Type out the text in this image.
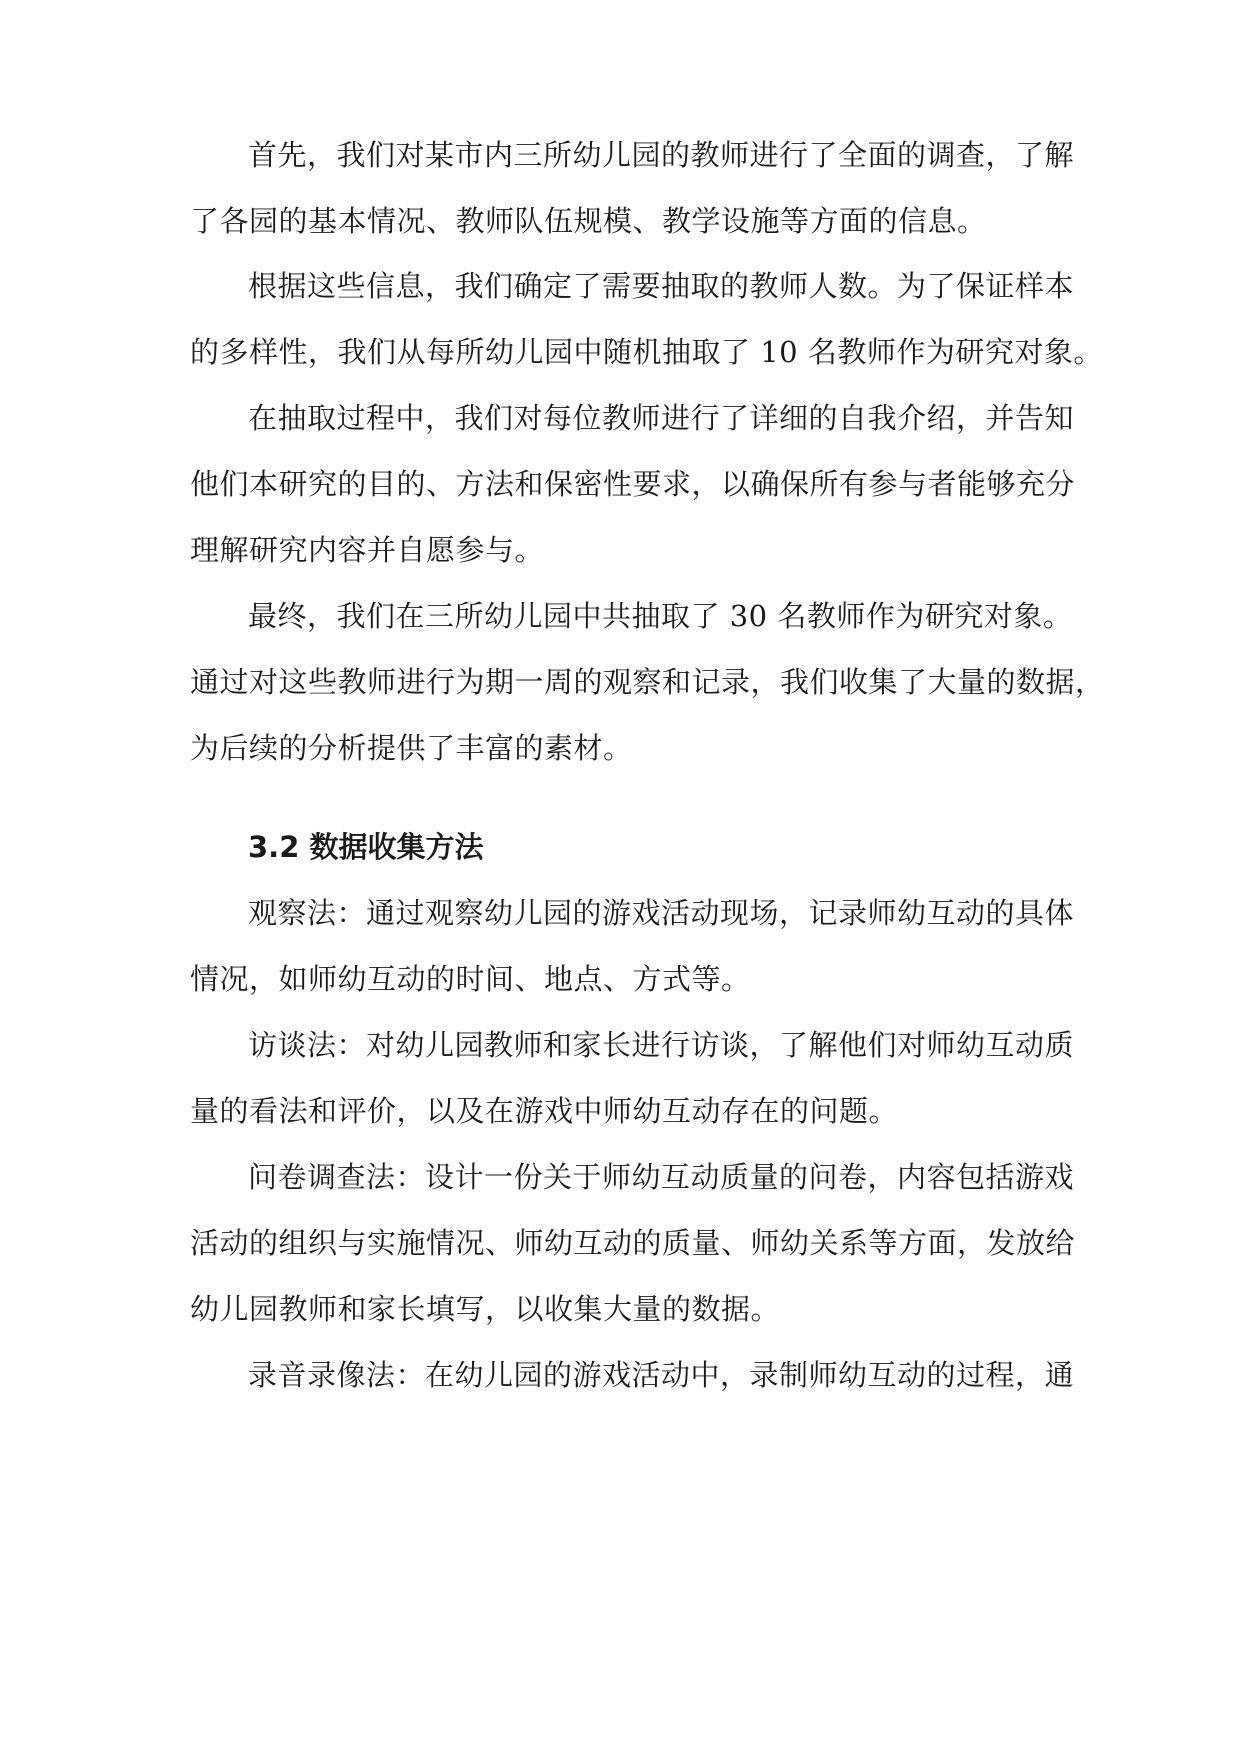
首先，我们对某市内三所幼儿园的教师进行了全面的调查，了解
了各园的基本情况、教师队伍规模、教学设施等方面的信息。
根据这些信息，我们确定了需要抽取的教师人数。为了保证样本
的多样性，我们从每所幼儿园中随机抽取了 10 名教师作为研究对象。
在抽取过程中，我们对每位教师进行了详细的自我介绍，并告知
他们本研究的目的、方法和保密性要求，以确保所有参与者能够充分
理解研究内容并自愿参与。
最终，我们在三所幼儿园中共抽取了 30 名教师作为研究对象。
通过对这些教师进行为期一周的观察和记录，我们收集了大量的数据，
为后续的分析提供了丰富的素材。
3.2 数据收集方法
观察法：通过观察幼儿园的游戏活动现场，记录师幼互动的具体
情况，如师幼互动的时间、地点、方式等。
访谈法：对幼儿园教师和家长进行访谈，了解他们对师幼互动质
量的看法和评价，以及在游戏中师幼互动存在的问题。
问卷调查法：设计一份关于师幼互动质量的问卷，内容包括游戏
活动的组织与实施情况、师幼互动的质量、师幼关系等方面，发放给
幼儿园教师和家长填写，以收集大量的数据。
录音录像法：在幼儿园的游戏活动中，录制师幼互动的过程，通
